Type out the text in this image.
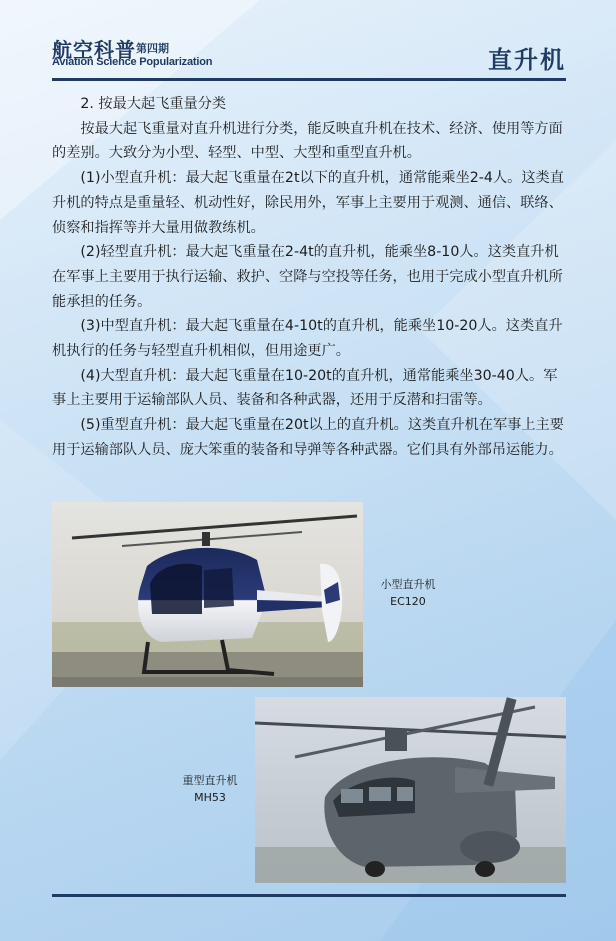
航空科普 第四期
Aviation Science Popularization	直升机

2. 按最大起飞重量分类

按最大起飞重量对直升机进行分类，能反映直升机在技术、经济、使用等方面的差别。大致分为小型、轻型、中型、大型和重型直升机。

(1)小型直升机：最大起飞重量在2t以下的直升机，通常能乘坐2-4人。这类直升机的特点是重量轻、机动性好，除民用外，军事上主要用于观测、通信、联络、侦察和指挥等并大量用做教练机。

(2)轻型直升机：最大起飞重量在2-4t的直升机，能乘坐8-10人。这类直升机在军事上主要用于执行运输、救护、空降与空投等任务，也用于完成小型直升机所能承担的任务。

(3)中型直升机：最大起飞重量在4-10t的直升机，能乘坐10-20人。这类直升机执行的任务与轻型直升机相似，但用途更广。

(4)大型直升机：最大起飞重量在10-20t的直升机，通常能乘坐30-40人。军事上主要用于运输部队人员、装备和各种武器，还用于反潜和扫雷等。

(5)重型直升机：最大起飞重量在20t以上的直升机。这类直升机在军事上主要用于运输部队人员、庞大笨重的装备和导弹等各种武器。它们具有外部吊运能力。

小型直升机
EC120
重型直升机
MH53
